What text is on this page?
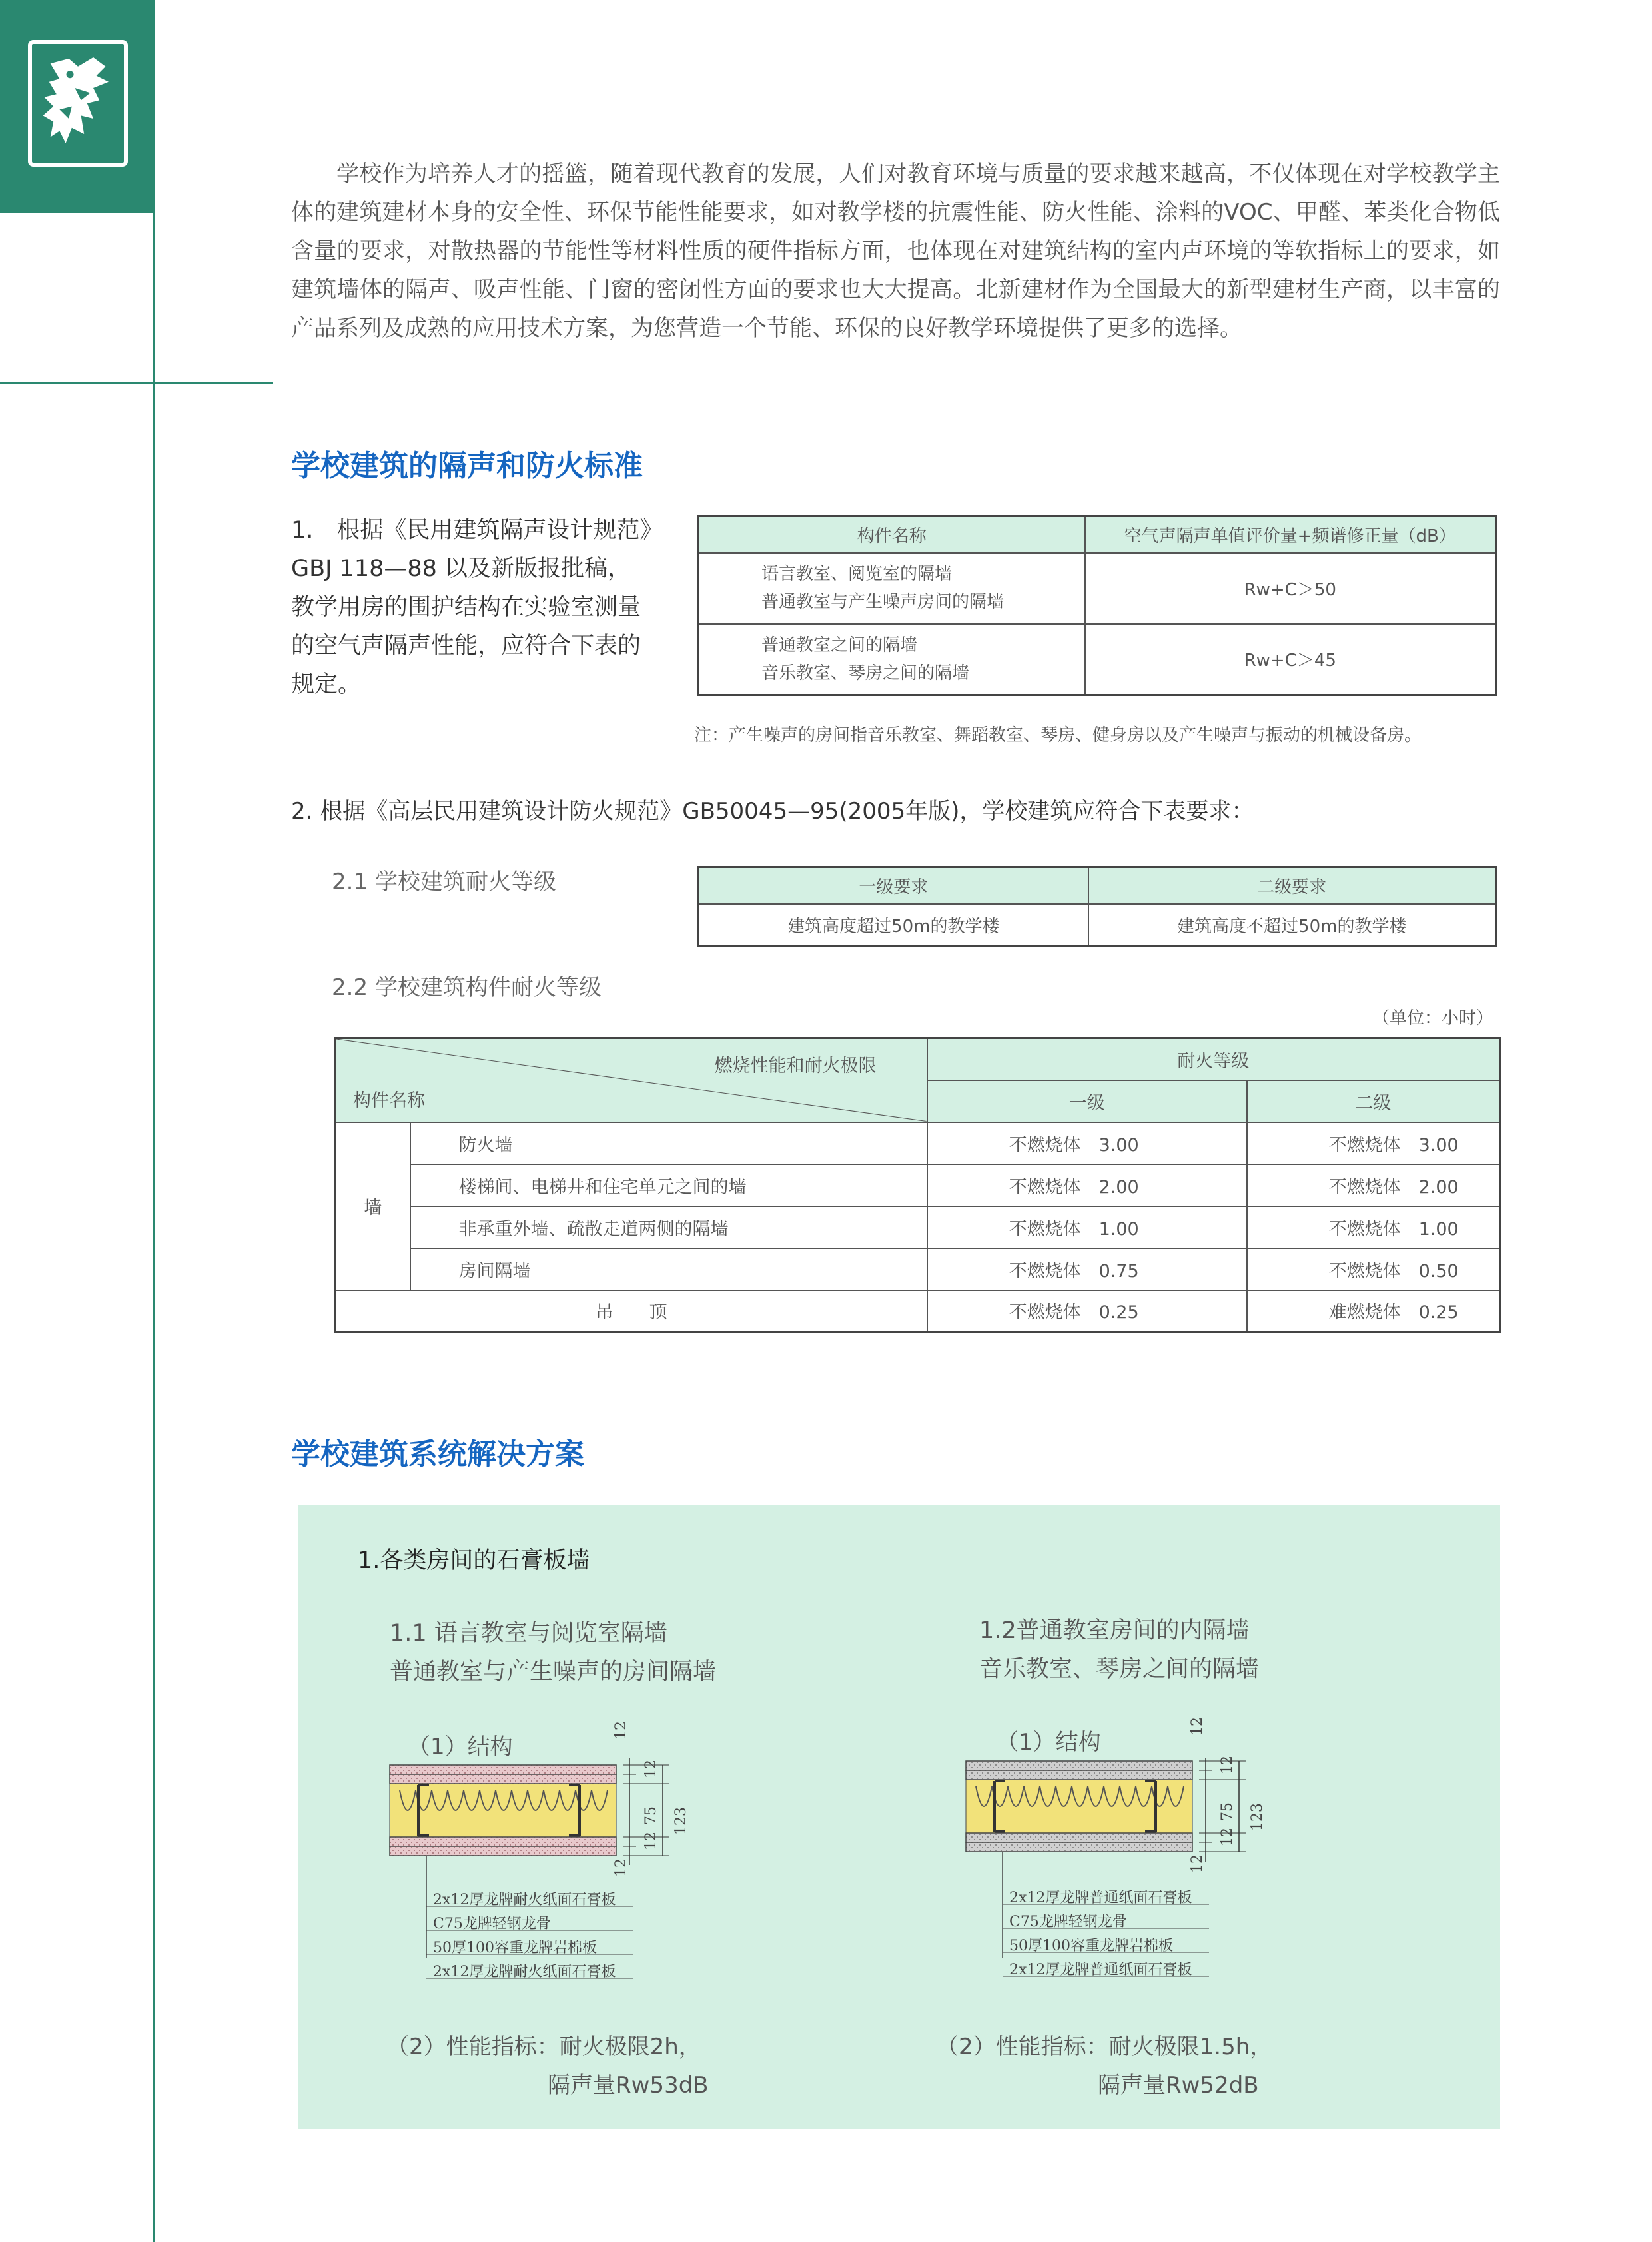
学校作为培养人才的摇篮，随着现代教育的发展，人们对教育环境与质量的要求越来越高，不仅体现在对学校教学主体的建筑建材本身的安全性、环保节能性能要求，如对教学楼的抗震性能、防火性能、涂料的VOC、甲醛、苯类化合物低含量的要求，对散热器的节能性等材料性质的硬件指标方面，也体现在对建筑结构的室内声环境的等软指标上的要求，如建筑墙体的隔声、吸声性能、门窗的密闭性方面的要求也大大提高。北新建材作为全国最大的新型建材生产商，以丰富的产品系列及成熟的应用技术方案，为您营造一个节能、环保的良好教学环境提供了更多的选择。

学校建筑的隔声和防火标准

1.　根据《民用建筑隔声设计规范》GBJ 118—88 以及新版报批稿，教学用房的围护结构在实验室测量的空气声隔声性能，应符合下表的规定。

构件名称	空气声隔声单值评价量+频谱修正量（dB）

语言教室、阅览室的隔墙
普通教室与产生噪声房间的隔墙	Rw+C＞50

普通教室之间的隔墙
音乐教室、琴房之间的隔墙	Rw+C＞45
注：产生噪声的房间指音乐教室、舞蹈教室、琴房、健身房以及产生噪声与振动的机械设备房。
2. 根据《高层民用建筑设计防火规范》GB50045—95(2005年版)，学校建筑应符合下表要求：
2.1 学校建筑耐火等级	一级要求	二级要求
建筑高度超过50m的教学楼	建筑高度不超过50m的教学楼
2.2 学校建筑构件耐火等级
（单位：小时）
燃烧性能和耐火极限
构件名称		耐火等级	
		一级	二级
墙	防火墙	不燃烧体　3.00	不燃烧体　3.00
	楼梯间、电梯井和住宅单元之间的墙	不燃烧体　2.00	不燃烧体　2.00
	非承重外墙、疏散走道两侧的隔墙	不燃烧体　1.00	不燃烧体　1.00
	房间隔墙	不燃烧体　0.75	不燃烧体　0.50
吊　　顶		不燃烧体　0.25	难燃烧体　0.25
学校建筑系统解决方案
1.各类房间的石膏板墙
1.1 语言教室与阅览室隔墙
普通教室与产生噪声的房间隔墙
1.2普通教室房间的内隔墙
音乐教室、琴房之间的隔墙
（1）结构	（1）结构
12
12
75
12
12
123
2x12厚龙牌耐火纸面石膏板
C75龙牌轻钢龙骨
50厚100容重龙牌岩棉板
2x12厚龙牌耐火纸面石膏板
12
12
75
12
12
123
2x12厚龙牌普通纸面石膏板
C75龙牌轻钢龙骨
50厚100容重龙牌岩棉板
2x12厚龙牌普通纸面石膏板
（2）性能指标：耐火极限2h，
隔声量Rw53dB
（2）性能指标：耐火极限1.5h，
隔声量Rw52dB
